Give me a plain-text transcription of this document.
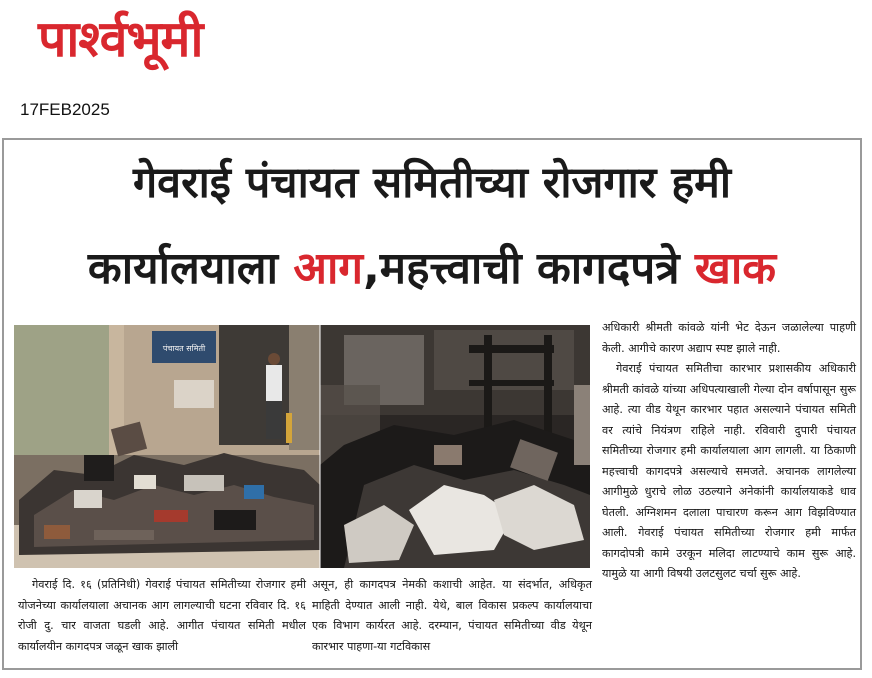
पार्श्वभूमी
17FEB2025
गेवराई पंचायत समितीच्या रोजगार हमी
कार्यालयाला आग,महत्त्वाची कागदपत्रे खाक
पंचायत समिती

गेवराई दि. १६ (प्रतिनिधी) गेवराई पंचायत समितीच्या रोजगार हमी योजनेच्या कार्यालयाला अचानक आग लागल्याची घटना रविवार दि. १६ रोजी दु. चार वाजता घडली आहे. आगीत पंचायत समिती मधील कार्यालयीन कागदपत्र जळून खाक झाली

असून, ही कागदपत्र नेमकी कशाची आहेत. या संदर्भात, अधिकृत माहिती देण्यात आली नाही. येथे, बाल विकास प्रकल्प कार्यालयाचा एक विभाग कार्यरत आहे. दरम्यान, पंचायत समितीच्या वीड येथून कारभार पाहणा-या गटविकास

अधिकारी श्रीमती कांवळे यांनी भेट देऊन जळालेल्या पाहणी केली. आगीचे कारण अद्याप स्पष्ट झाले नाही.

गेवराई पंचायत समितीचा कारभार प्रशासकीय अधिकारी श्रीमती कांवळे यांच्या अधिपत्याखाली गेल्या दोन वर्षापासून सुरू आहे. त्या वीड येथून कारभार पहात असल्याने पंचायत समिती वर त्यांचे नियंत्रण राहिले नाही. रविवारी दुपारी पंचायत समितीच्या रोजगार हमी कार्यालयाला आग लागली. या ठिकाणी महत्त्वाची कागदपत्रे असल्याचे समजते. अचानक लागलेल्या आगीमुळे धुराचे लोळ उठल्याने अनेकांनी कार्यालयाकडे धाव घेतली. अग्निशमन दलाला पाचारण करून आग विझविण्यात आली. गेवराई पंचायत समितीच्या रोजगार हमी मार्फत कागदोपत्री कामे उरकून मलिदा लाटण्याचे काम सुरू आहे. यामुळे या आगी विषयी उलटसुलट चर्चा सुरू आहे.
